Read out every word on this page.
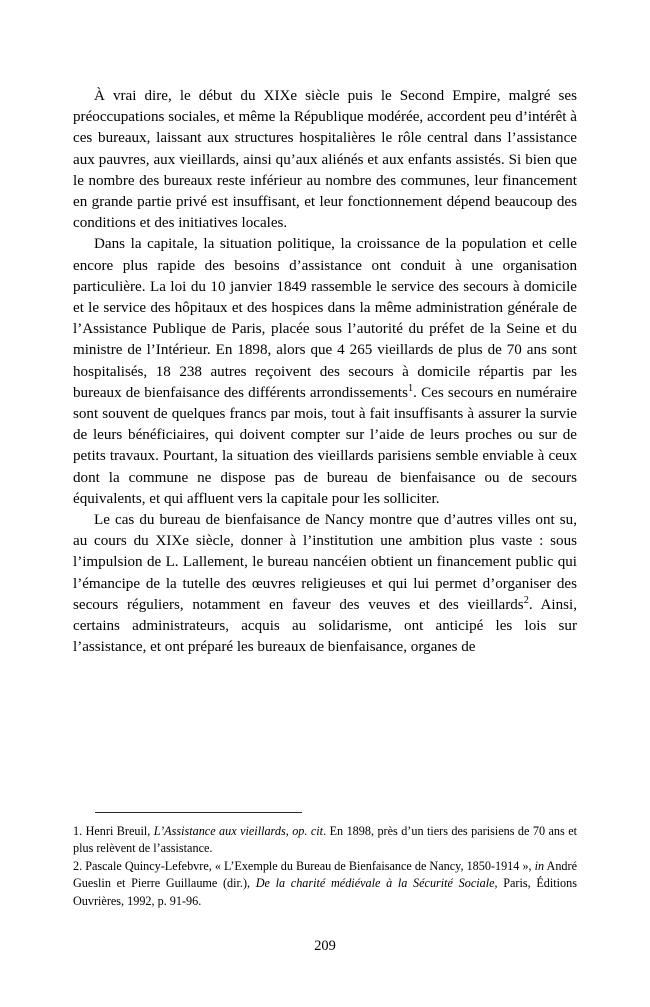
À vrai dire, le début du XIXe siècle puis le Second Empire, malgré ses préoccupations sociales, et même la République modérée, accordent peu d’intérêt à ces bureaux, laissant aux structures hospitalières le rôle central dans l’assistance aux pauvres, aux vieillards, ainsi qu’aux aliénés et aux enfants assistés. Si bien que le nombre des bureaux reste inférieur au nombre des communes, leur financement en grande partie privé est insuffisant, et leur fonctionnement dépend beaucoup des conditions et des initiatives locales.

Dans la capitale, la situation politique, la croissance de la population et celle encore plus rapide des besoins d’assistance ont conduit à une organisation particulière. La loi du 10 janvier 1849 rassemble le service des secours à domicile et le service des hôpitaux et des hospices dans la même administration générale de l’Assistance Publique de Paris, placée sous l’autorité du préfet de la Seine et du ministre de l’Intérieur. En 1898, alors que 4 265 vieillards de plus de 70 ans sont hospitalisés, 18 238 autres reçoivent des secours à domicile répartis par les bureaux de bienfaisance des différents arrondissements$^1$. Ces secours en numéraire sont souvent de quelques francs par mois, tout à fait insuffisants à assurer la survie de leurs bénéficiaires, qui doivent compter sur l’aide de leurs proches ou sur de petits travaux. Pourtant, la situation des vieillards parisiens semble enviable à ceux dont la commune ne dispose pas de bureau de bienfaisance ou de secours équivalents, et qui affluent vers la capitale pour les solliciter.

Le cas du bureau de bienfaisance de Nancy montre que d’autres villes ont su, au cours du XIXe siècle, donner à l’institution une ambition plus vaste : sous l’impulsion de L. Lallement, le bureau nancéien obtient un financement public qui l’émancipe de la tutelle des œuvres religieuses et qui lui permet d’organiser des secours réguliers, notamment en faveur des veuves et des vieillards$^2$. Ainsi, certains administrateurs, acquis au solidarisme, ont anticipé les lois sur l’assistance, et ont préparé les bureaux de bienfaisance, organes de

1. Henri Breuil, L’Assistance aux vieillards, op. cit. En 1898, près d’un tiers des parisiens de 70 ans et plus relèvent de l’assistance.

2. Pascale Quincy-Lefebvre, « L’Exemple du Bureau de Bienfaisance de Nancy, 1850-1914 », in André Gueslin et Pierre Guillaume (dir.), De la charité médiévale à la Sécurité Sociale, Paris, Éditions Ouvrières, 1992, p. 91-96.

209
